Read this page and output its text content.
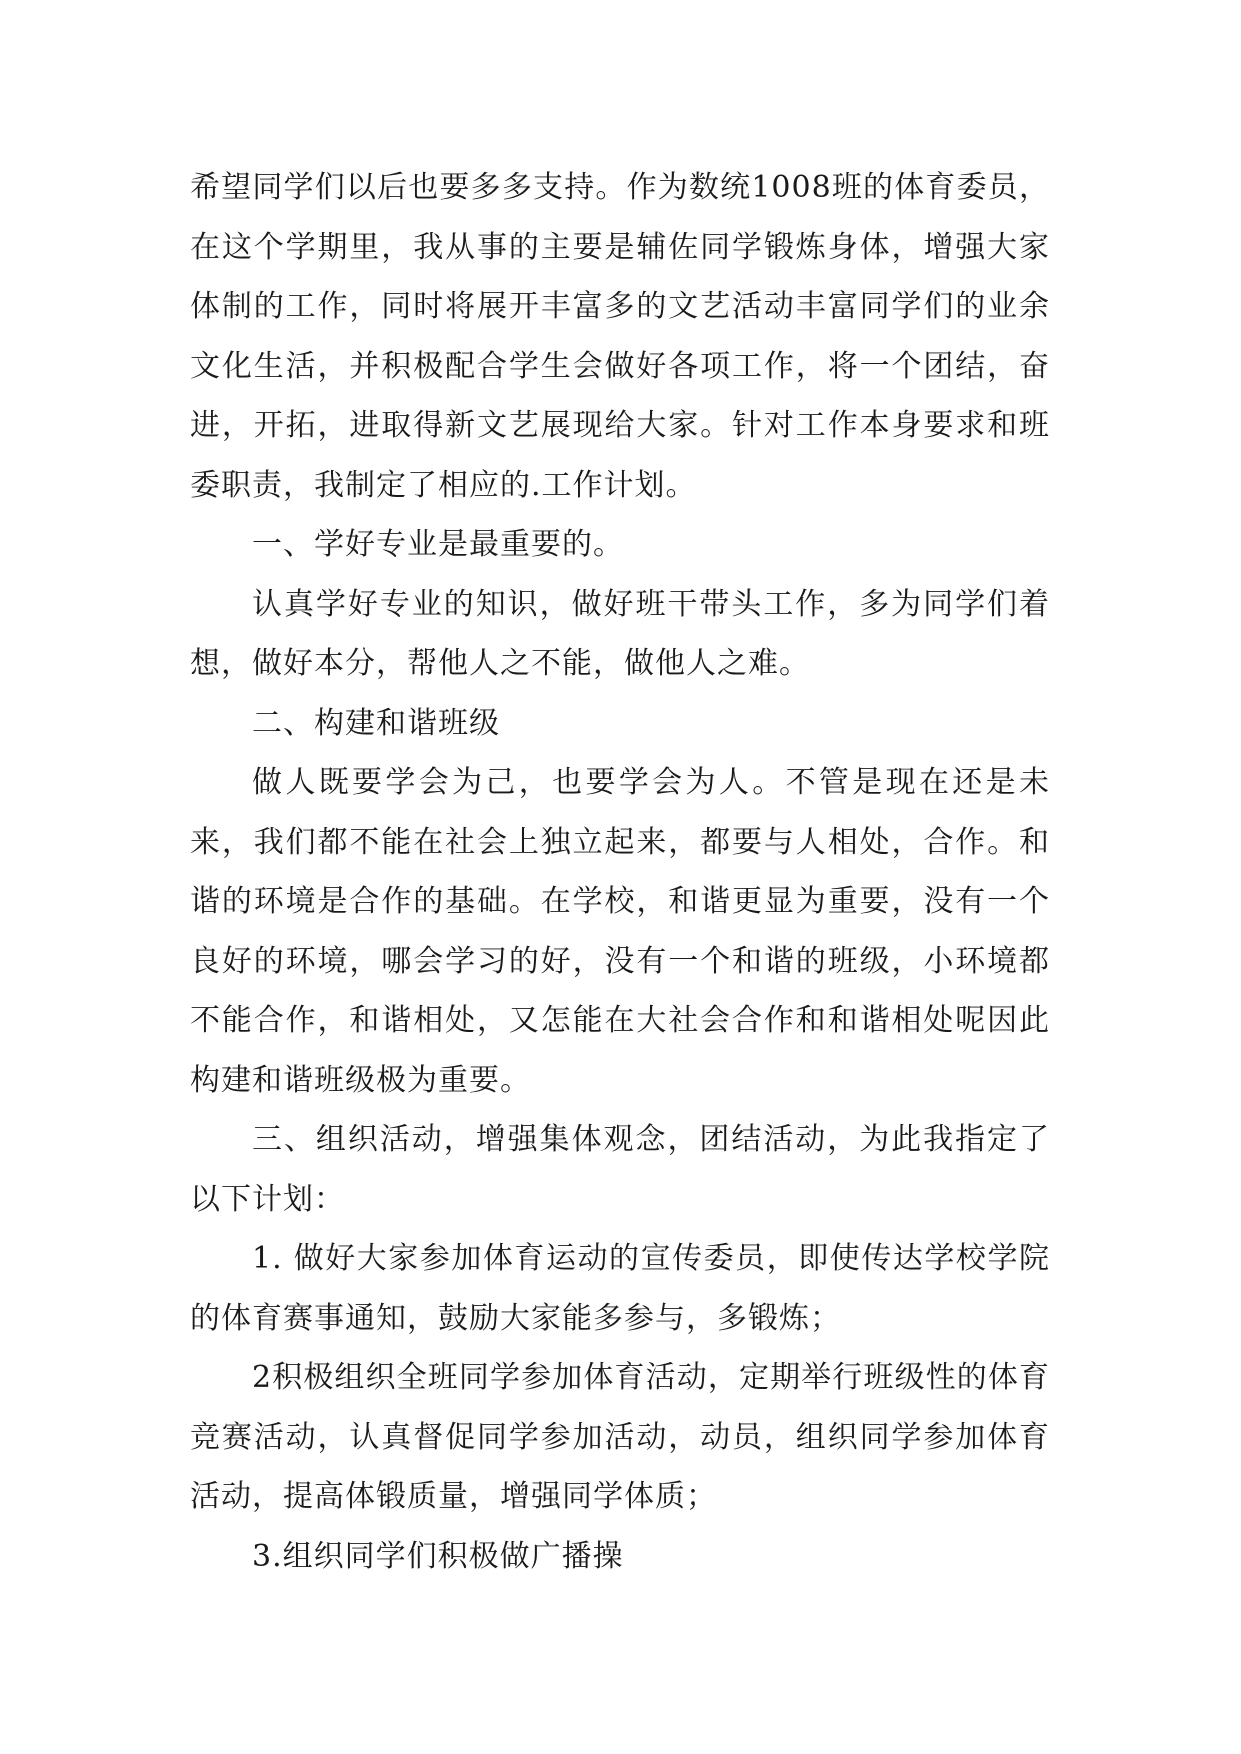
希望同学们以后也要多多支持。作为数统1008班的体育委员，在这个学期里，我从事的主要是辅佐同学锻炼身体，增强大家体制的工作，同时将展开丰富多的文艺活动丰富同学们的业余文化生活，并积极配合学生会做好各项工作，将一个团结，奋进，开拓，进取得新文艺展现给大家。针对工作本身要求和班委职责，我制定了相应的.工作计划。

一、学好专业是最重要的。

认真学好专业的知识，做好班干带头工作，多为同学们着想，做好本分，帮他人之不能，做他人之难。

二、构建和谐班级

做人既要学会为己，也要学会为人。不管是现在还是未来，我们都不能在社会上独立起来，都要与人相处，合作。和谐的环境是合作的基础。在学校，和谐更显为重要，没有一个良好的环境，哪会学习的好，没有一个和谐的班级，小环境都不能合作，和谐相处，又怎能在大社会合作和和谐相处呢因此构建和谐班级极为重要。

三、组织活动，增强集体观念，团结活动，为此我指定了以下计划：

1. 做好大家参加体育运动的宣传委员，即使传达学校学院的体育赛事通知，鼓励大家能多参与，多锻炼；

2积极组织全班同学参加体育活动，定期举行班级性的体育竞赛活动，认真督促同学参加活动，动员，组织同学参加体育活动，提高体锻质量，增强同学体质；

3.组织同学们积极做广播操
